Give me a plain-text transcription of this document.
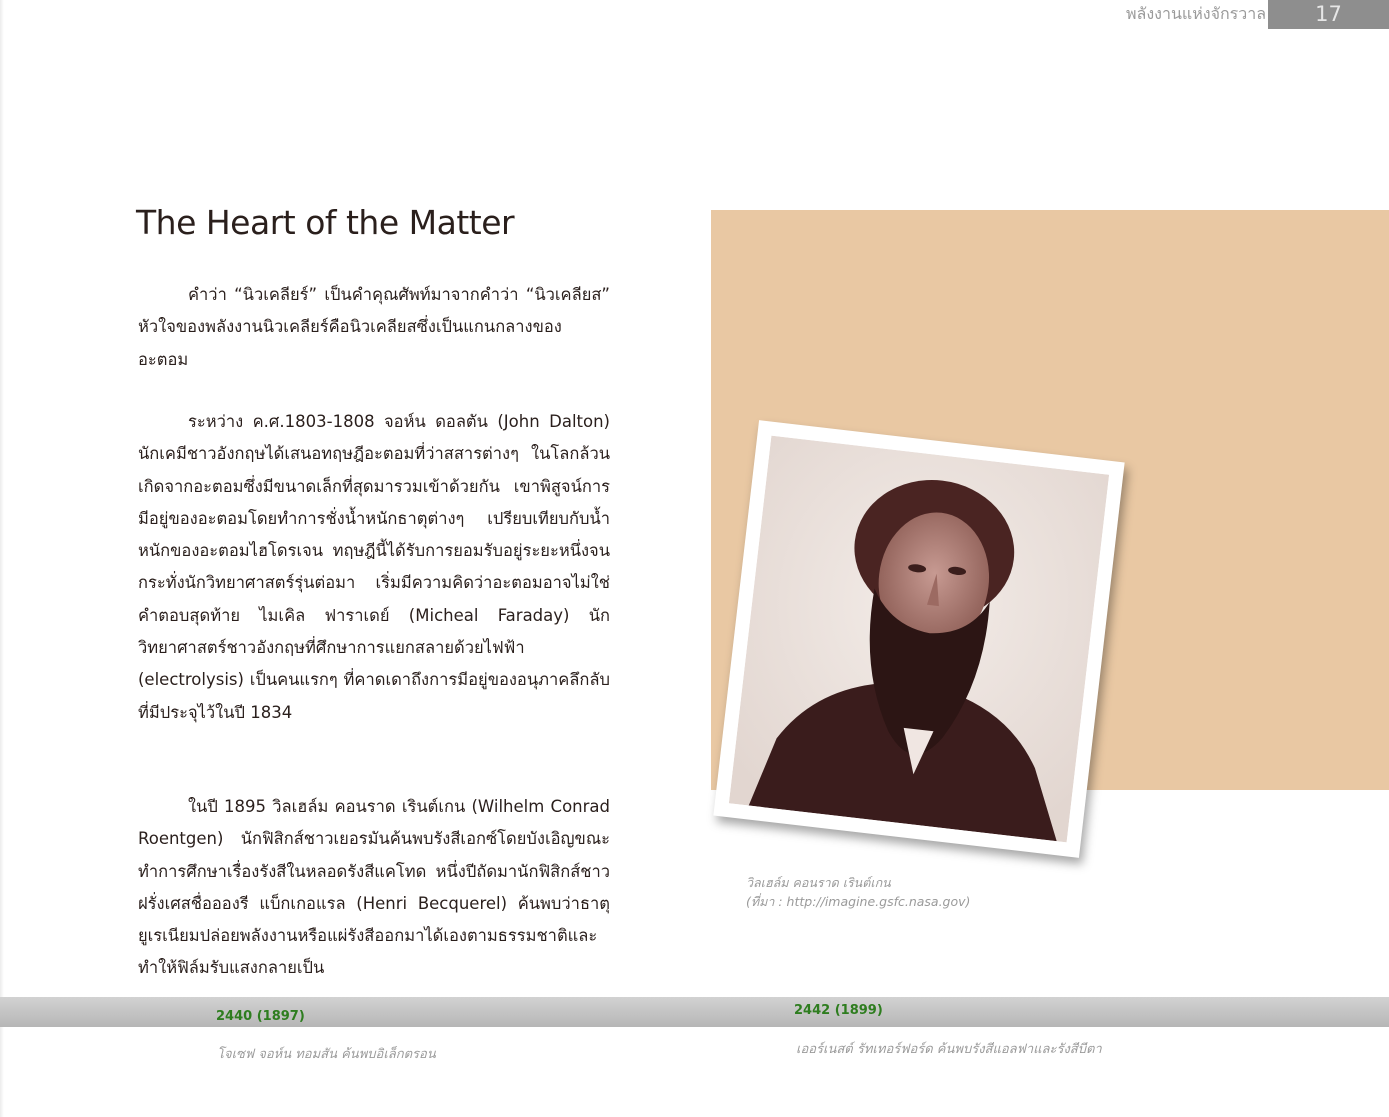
พลังงานแห่งจักรวาล	17
The Heart of the Matter

คำว่า “นิวเคลียร์” เป็นคำคุณศัพท์มาจากคำว่า “นิวเคลียส” หัวใจของพลังงานนิวเคลียร์คือนิวเคลียสซึ่งเป็นแกนกลางของอะตอม

ระหว่าง ค.ศ.1803-1808 จอห์น ดอลตัน (John Dalton) นักเคมีชาวอังกฤษได้เสนอทฤษฎีอะตอมที่ว่าสสารต่างๆ ในโลกล้วนเกิดจากอะตอมซึ่งมีขนาดเล็กที่สุดมารวมเข้าด้วยกัน เขาพิสูจน์การมีอยู่ของอะตอมโดยทำการชั่งน้ำหนักธาตุต่างๆ เปรียบเทียบกับน้ำหนักของอะตอมไฮโดรเจน ทฤษฎีนี้ได้รับการยอมรับอยู่ระยะหนึ่งจนกระทั่งนักวิทยาศาสตร์รุ่นต่อมา เริ่มมีความคิดว่าอะตอมอาจไม่ใช่คำตอบสุดท้าย ไมเคิล ฟาราเดย์ (Micheal Faraday) นักวิทยาศาสตร์ชาวอังกฤษที่ศึกษาการแยกสลายด้วยไฟฟ้า (electrolysis) เป็นคนแรกๆ ที่คาดเดาถึงการมีอยู่ของอนุภาคลึกลับที่มีประจุไว้ในปี 1834

ในปี 1895 วิลเฮล์ม คอนราด เรินต์เกน (Wilhelm Conrad Roentgen) นักฟิสิกส์ชาวเยอรมันค้นพบรังสีเอกซ์โดยบังเอิญขณะทำการศึกษาเรื่องรังสีในหลอดรังสีแคโทด หนึ่งปีถัดมานักฟิสิกส์ชาวฝรั่งเศสชื่ออองรี แบ็กเกอแรล (Henri Becquerel) ค้นพบว่าธาตุยูเรเนียมปล่อยพลังงานหรือแผ่รังสีออกมาได้เองตามธรรมชาติและทำให้ฟิล์มรับแสงกลายเป็น

วิลเฮล์ม คอนราด เรินต์เกน
(ที่มา : http://imagine.gsfc.nasa.gov)
2440 (1897)	2442 (1899)
โจเซฟ จอห์น ทอมสัน ค้นพบอิเล็กตรอน	เออร์เนสต์ รัทเทอร์ฟอร์ด ค้นพบรังสีแอลฟาและรังสีบีตา
